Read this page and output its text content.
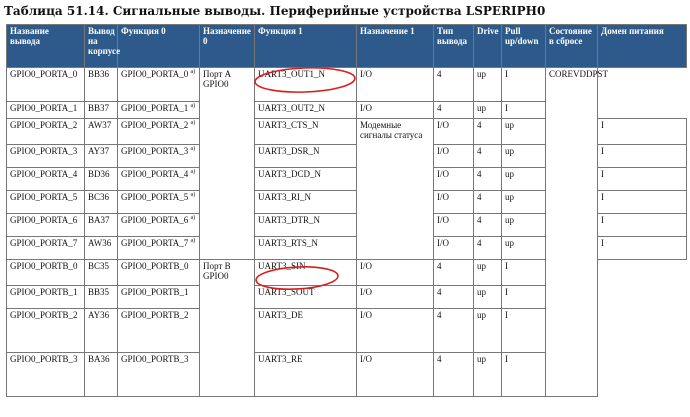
Таблица 51.14. Сигнальные выводы. Периферийные устройства LSPERIPH0
Название вывода	Вывод на корпусе	Функция 0	Назначение 0	Функция 1	Назначение 1	Тип вывода	Drive	Pull up/down	Состояние в сбросе	Домен питания
GPIO0_PORTA_0	BB36	GPIO0_PORTA_0 $^{a)}$	Порт A GPIO0	UART3_OUT1_N	I/O	4	up	I	COREVDDPST	
GPIO0_PORTA_1	BB37	GPIO0_PORTA_1 $^{a)}$		UART3_OUT2_N	I/O	4	up	I		
GPIO0_PORTA_2	AW37	GPIO0_PORTA_2 $^{a)}$		UART3_CTS_N	Модемные сигналы статуса	I/O	4	up		I
GPIO0_PORTA_3	AY37	GPIO0_PORTA_3 $^{a)}$		UART3_DSR_N		I/O	4	up		I
GPIO0_PORTA_4	BD36	GPIO0_PORTA_4 $^{a)}$		UART3_DCD_N		I/O	4	up		I
GPIO0_PORTA_5	BC36	GPIO0_PORTA_5 $^{a)}$		UART3_RI_N		I/O	4	up		I
GPIO0_PORTA_6	BA37	GPIO0_PORTA_6 $^{a)}$		UART3_DTR_N		I/O	4	up		I
GPIO0_PORTA_7	AW36	GPIO0_PORTA_7 $^{a)}$		UART3_RTS_N		I/O	4	up		I
GPIO0_PORTB_0	BC35	GPIO0_PORTB_0	Порт B GPIO0	UART3_SIN	I/O	4	up	I		
GPIO0_PORTB_1	BB35	GPIO0_PORTB_1		UART3_SOUT	I/O	4	up	I		
GPIO0_PORTB_2	AY36	GPIO0_PORTB_2		UART3_DE	I/O	4	up	I		
GPIO0_PORTB_3	BA36	GPIO0_PORTB_3		UART3_RE	I/O	4	up	I		
